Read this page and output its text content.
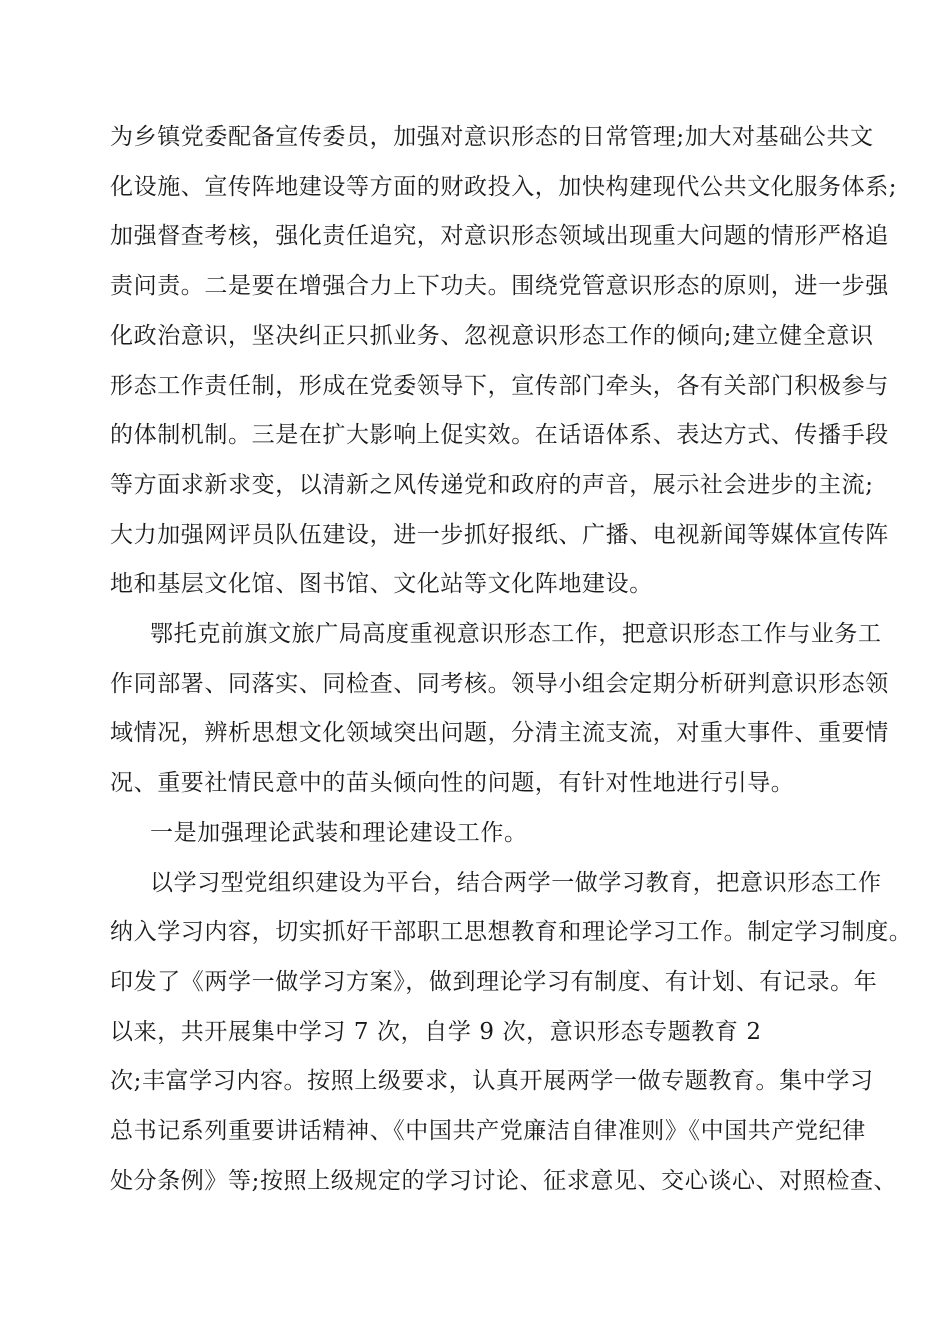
为乡镇党委配备宣传委员，加强对意识形态的日常管理;加大对基础公共文
化设施、宣传阵地建设等方面的财政投入，加快构建现代公共文化服务体系;
加强督查考核，强化责任追究，对意识形态领域出现重大问题的情形严格追
责问责。二是要在增强合力上下功夫。围绕党管意识形态的原则，进一步强
化政治意识，坚决纠正只抓业务、忽视意识形态工作的倾向;建立健全意识
形态工作责任制，形成在党委领导下，宣传部门牵头，各有关部门积极参与
的体制机制。三是在扩大影响上促实效。在话语体系、表达方式、传播手段
等方面求新求变，以清新之风传递党和政府的声音，展示社会进步的主流;
大力加强网评员队伍建设，进一步抓好报纸、广播、电视新闻等媒体宣传阵
地和基层文化馆、图书馆、文化站等文化阵地建设。
鄂托克前旗文旅广局高度重视意识形态工作，把意识形态工作与业务工
作同部署、同落实、同检查、同考核。领导小组会定期分析研判意识形态领
域情况，辨析思想文化领域突出问题，分清主流支流，对重大事件、重要情
况、重要社情民意中的苗头倾向性的问题，有针对性地进行引导。
一是加强理论武装和理论建设工作。
以学习型党组织建设为平台，结合两学一做学习教育，把意识形态工作
纳入学习内容，切实抓好干部职工思想教育和理论学习工作。制定学习制度。
印发了《两学一做学习方案》，做到理论学习有制度、有计划、有记录。年
以来，共开展集中学习 7 次，自学 9 次，意识形态专题教育 2
次;丰富学习内容。按照上级要求，认真开展两学一做专题教育。集中学习
总书记系列重要讲话精神、《中国共产党廉洁自律准则》《中国共产党纪律
处分条例》等;按照上级规定的学习讨论、征求意见、交心谈心、对照检查、
